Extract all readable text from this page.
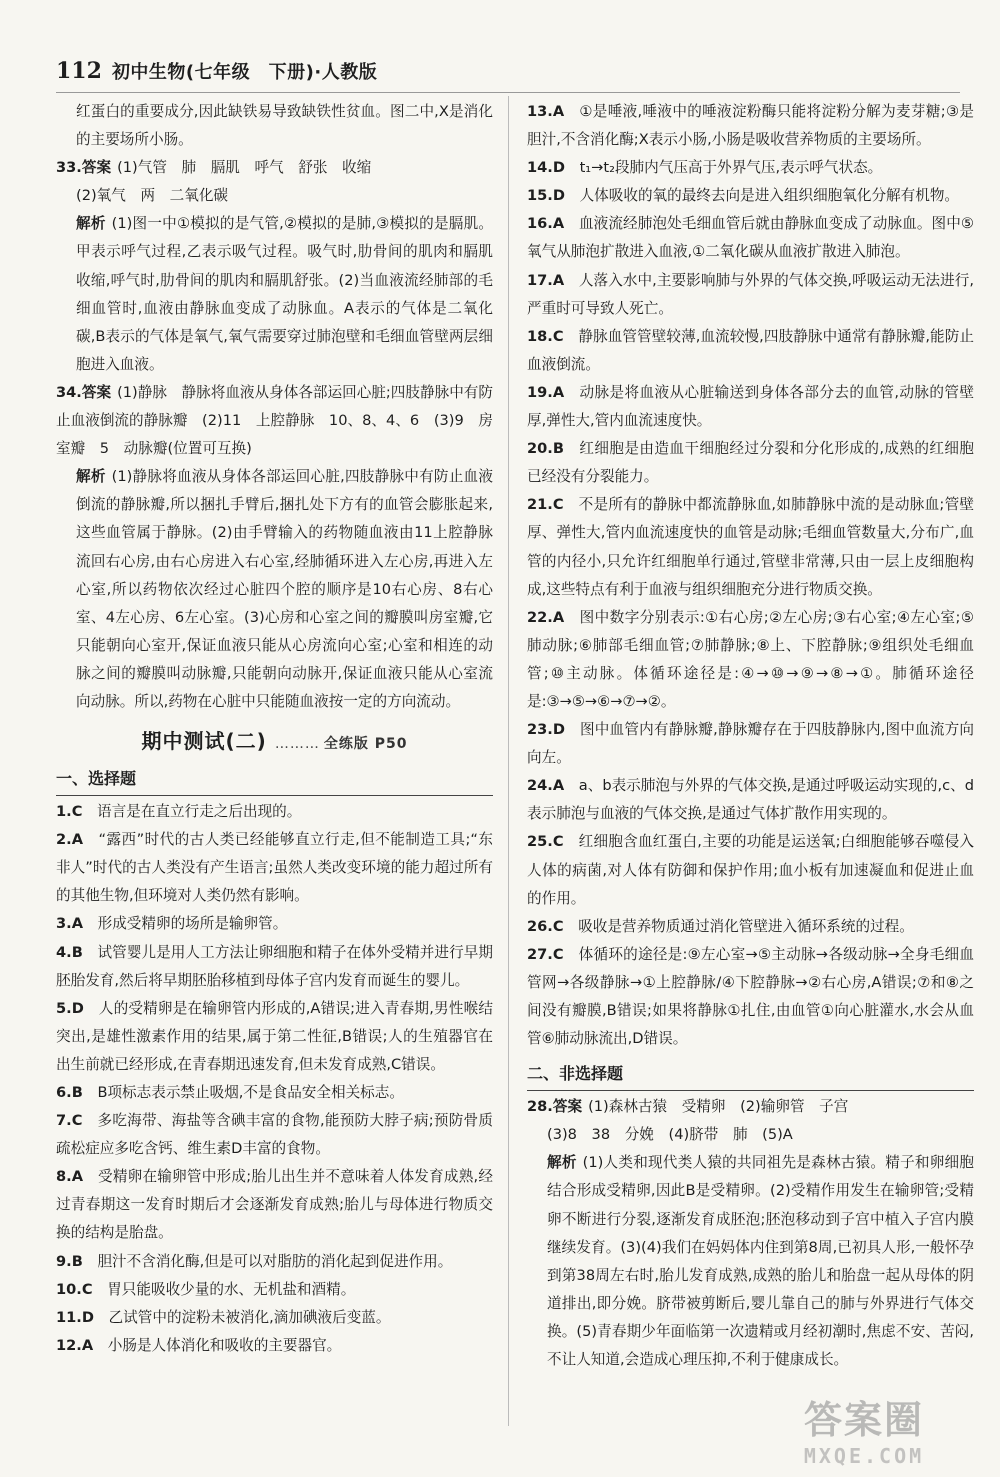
112 初中生物(七年级　下册)·人教版

红蛋白的重要成分,因此缺铁易导致缺铁性贫血。图二中,X是消化的主要场所小肠。

33.答案 (1)气管　肺　膈肌　呼气　舒张　收缩

(2)氧气　两　二氧化碳

解析 (1)图一中①模拟的是气管,②模拟的是肺,③模拟的是膈肌。甲表示呼气过程,乙表示吸气过程。吸气时,肋骨间的肌肉和膈肌收缩,呼气时,肋骨间的肌肉和膈肌舒张。(2)当血液流经肺部的毛细血管时,血液由静脉血变成了动脉血。A表示的气体是二氧化碳,B表示的气体是氧气,氧气需要穿过肺泡壁和毛细血管壁两层细胞进入血液。

34.答案 (1)静脉　静脉将血液从身体各部运回心脏;四肢静脉中有防止血液倒流的静脉瓣　(2)11　上腔静脉　10、8、4、6　(3)9　房室瓣　5　动脉瓣(位置可互换)

解析 (1)静脉将血液从身体各部运回心脏,四肢静脉中有防止血液倒流的静脉瓣,所以捆扎手臂后,捆扎处下方有的血管会膨胀起来,这些血管属于静脉。(2)由手臂输入的药物随血液由11上腔静脉流回右心房,由右心房进入右心室,经肺循环进入左心房,再进入左心室,所以药物依次经过心脏四个腔的顺序是10右心房、8右心室、4左心房、6左心室。(3)心房和心室之间的瓣膜叫房室瓣,它只能朝向心室开,保证血液只能从心房流向心室;心室和相连的动脉之间的瓣膜叫动脉瓣,只能朝向动脉开,保证血液只能从心室流向动脉。所以,药物在心脏中只能随血液按一定的方向流动。

期中测试(二) ……… 全练版 P50
一、选择题

1.C　 语言是在直立行走之后出现的。

2.A　 “露西”时代的古人类已经能够直立行走,但不能制造工具;“东非人”时代的古人类没有产生语言;虽然人类改变环境的能力超过所有的其他生物,但环境对人类仍然有影响。

3.A　 形成受精卵的场所是输卵管。

4.B　 试管婴儿是用人工方法让卵细胞和精子在体外受精并进行早期胚胎发育,然后将早期胚胎移植到母体子宫内发育而诞生的婴儿。

5.D　 人的受精卵是在输卵管内形成的,A错误;进入青春期,男性喉结突出,是雄性激素作用的结果,属于第二性征,B错误;人的生殖器官在出生前就已经形成,在青春期迅速发育,但未发育成熟,C错误。

6.B　 B项标志表示禁止吸烟,不是食品安全相关标志。

7.C　 多吃海带、海盐等含碘丰富的食物,能预防大脖子病;预防骨质疏松症应多吃含钙、维生素D丰富的食物。

8.A　 受精卵在输卵管中形成;胎儿出生并不意味着人体发育成熟,经过青春期这一发育时期后才会逐渐发育成熟;胎儿与母体进行物质交换的结构是胎盘。

9.B　 胆汁不含消化酶,但是可以对脂肪的消化起到促进作用。

10.C　 胃只能吸收少量的水、无机盐和酒精。

11.D　 乙试管中的淀粉未被消化,滴加碘液后变蓝。

12.A　 小肠是人体消化和吸收的主要器官。

13.A　 ①是唾液,唾液中的唾液淀粉酶只能将淀粉分解为麦芽糖;③是胆汁,不含消化酶;X表示小肠,小肠是吸收营养物质的主要场所。

14.D　 t₁→t₂段肺内气压高于外界气压,表示呼气状态。

15.D　 人体吸收的氧的最终去向是进入组织细胞氧化分解有机物。

16.A　 血液流经肺泡处毛细血管后就由静脉血变成了动脉血。图中⑤氧气从肺泡扩散进入血液,①二氧化碳从血液扩散进入肺泡。

17.A　 人落入水中,主要影响肺与外界的气体交换,呼吸运动无法进行,严重时可导致人死亡。

18.C　 静脉血管管壁较薄,血流较慢,四肢静脉中通常有静脉瓣,能防止血液倒流。

19.A　 动脉是将血液从心脏输送到身体各部分去的血管,动脉的管壁厚,弹性大,管内血流速度快。

20.B　 红细胞是由造血干细胞经过分裂和分化形成的,成熟的红细胞已经没有分裂能力。

21.C　 不是所有的静脉中都流静脉血,如肺静脉中流的是动脉血;管壁厚、弹性大,管内血流速度快的血管是动脉;毛细血管数量大,分布广,血管的内径小,只允许红细胞单行通过,管壁非常薄,只由一层上皮细胞构成,这些特点有利于血液与组织细胞充分进行物质交换。

22.A　 图中数字分别表示:①右心房;②左心房;③右心室;④左心室;⑤肺动脉;⑥肺部毛细血管;⑦肺静脉;⑧上、下腔静脉;⑨组织处毛细血管;⑩主动脉。体循环途径是:④→⑩→⑨→⑧→①。肺循环途径是:③→⑤→⑥→⑦→②。

23.D　 图中血管内有静脉瓣,静脉瓣存在于四肢静脉内,图中血流方向向左。

24.A　 a、b表示肺泡与外界的气体交换,是通过呼吸运动实现的,c、d表示肺泡与血液的气体交换,是通过气体扩散作用实现的。

25.C　 红细胞含血红蛋白,主要的功能是运送氧;白细胞能够吞噬侵入人体的病菌,对人体有防御和保护作用;血小板有加速凝血和促进止血的作用。

26.C　 吸收是营养物质通过消化管壁进入循环系统的过程。

27.C　 体循环的途径是:⑨左心室→⑤主动脉→各级动脉→全身毛细血管网→各级静脉→①上腔静脉/④下腔静脉→②右心房,A错误;⑦和⑧之间没有瓣膜,B错误;如果将静脉①扎住,由血管①向心脏灌水,水会从血管⑥肺动脉流出,D错误。

二、非选择题

28.答案 (1)森林古猿　受精卵　(2)输卵管　子宫

(3)8　38　分娩　(4)脐带　肺　(5)A

解析 (1)人类和现代类人猿的共同祖先是森林古猿。精子和卵细胞结合形成受精卵,因此B是受精卵。(2)受精作用发生在输卵管;受精卵不断进行分裂,逐渐发育成胚泡;胚泡移动到子宫中植入子宫内膜继续发育。(3)(4)我们在妈妈体内住到第8周,已初具人形,一般怀孕到第38周左右时,胎儿发育成熟,成熟的胎儿和胎盘一起从母体的阴道排出,即分娩。脐带被剪断后,婴儿靠自己的肺与外界进行气体交换。(5)青春期少年面临第一次遗精或月经初潮时,焦虑不安、苦闷,不让人知道,会造成心理压抑,不利于健康成长。

答案圈
MXQE.COM
